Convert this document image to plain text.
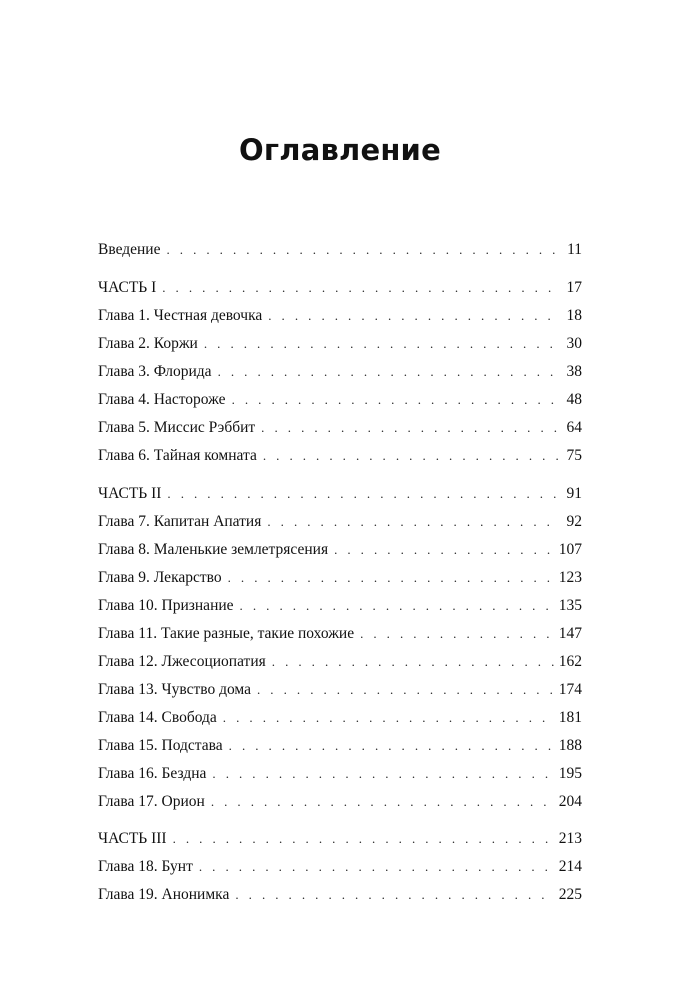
Оглавление
Введение . . .	11
ЧАСТЬ I . . .	17
Глава 1. Честная девочка . . .	18
Глава 2. Коржи . . .	30
Глава 3. Флорида . . .	38
Глава 4. Настороже . . .	48
Глава 5. Миссис Рэббит . . .	64
Глава 6. Тайная комната . . .	75
ЧАСТЬ II . . .	91
Глава 7. Капитан Апатия . . .	92
Глава 8. Маленькие землетрясения . . .	107
Глава 9. Лекарство . . .	123
Глава 10. Признание . . .	135
Глава 11. Такие разные, такие похожие . . .	147
Глава 12. Лжесоциопатия . . .	162
Глава 13. Чувство дома . . .	174
Глава 14. Свобода . . .	181
Глава 15. Подстава . . .	188
Глава 16. Бездна . . .	195
Глава 17. Орион . . .	204
ЧАСТЬ III . . .	213
Глава 18. Бунт . . .	214
Глава 19. Анонимка . . .	225
